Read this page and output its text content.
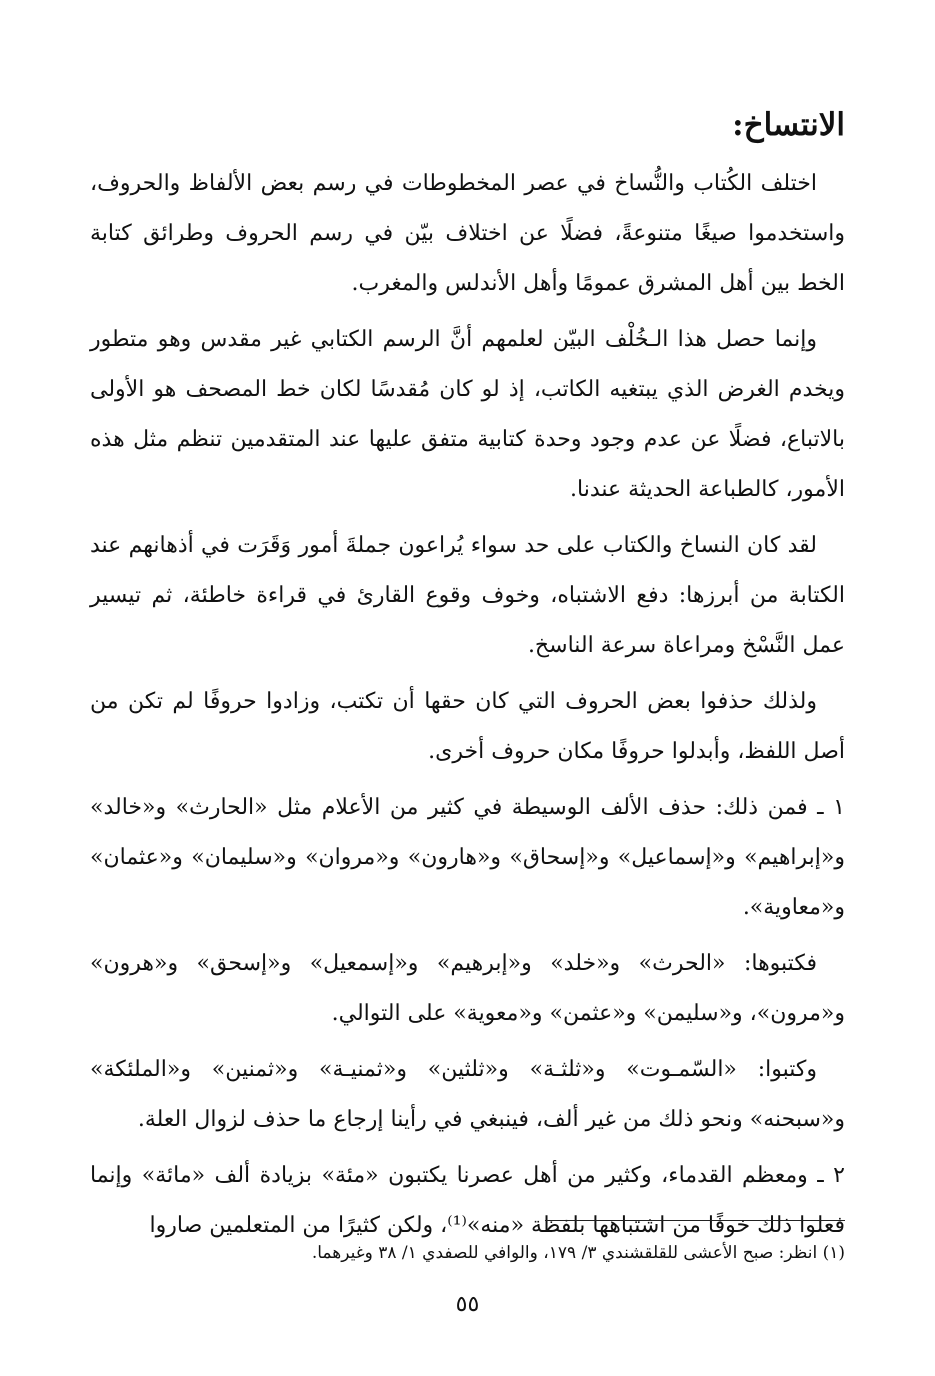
الانتساخ:

اختلف الكُتاب والنُّساخ في عصر المخطوطات في رسم بعض الألفاظ والحروف، واستخدموا صيغًا متنوعةً، فضلًا عن اختلاف بيّن في رسم الحروف وطرائق كتابة الخط بين أهل المشرق عمومًا وأهل الأندلس والمغرب.

وإنما حصل هذا الـخُلْف البيّن لعلمهم أنَّ الرسم الكتابي غير مقدس وهو متطور ويخدم الغرض الذي يبتغيه الكاتب، إذ لو كان مُقدسًا لكان خط المصحف هو الأولى بالاتباع، فضلًا عن عدم وجود وحدة كتابية متفق عليها عند المتقدمين تنظم مثل هذه الأمور، كالطباعة الحديثة عندنا.

لقد كان النساخ والكتاب على حد سواء يُراعون جملةَ أمور وَقَرَت في أذهانهم عند الكتابة من أبرزها: دفع الاشتباه، وخوف وقوع القارئ في قراءة خاطئة، ثم تيسير عمل النَّسْخ ومراعاة سرعة الناسخ.

ولذلك حذفوا بعض الحروف التي كان حقها أن تكتب، وزادوا حروفًا لم تكن من أصل اللفظ، وأبدلوا حروفًا مكان حروف أخرى.

١ ـ فمن ذلك: حذف الألف الوسيطة في كثير من الأعلام مثل «الحارث» و«خالد» و«إبراهيم» و«إسماعيل» و«إسحاق» و«هارون» و«مروان» و«سليمان» و«عثمان» و«معاوية».

فكتبوها: «الحرث» و«خلد» و«إبرهيم» و«إسمعيل» و«إسحق» و«هرون» و«مرون»، و«سليمن» و«عثمن» و«معوية» على التوالي.

وكتبوا: «السّمـوت» و«ثلثـة» و«ثلثين» و«ثمنيـة» و«ثمنين» و«الملئكة» و«سبحنه» ونحو ذلك من غير ألف، فينبغي في رأينا إرجاع ما حذف لزوال العلة.

٢ ـ ومعظم القدماء، وكثير من أهل عصرنا يكتبون «مئة» بزيادة ألف «مائة» وإنما فعلوا ذلك خوفًا من اشتباهها بلفظة «منه»⁽¹⁾، ولكن كثيرًا من المتعلمين صاروا

(١) انظر: صبح الأعشى للقلقشندي ٣/ ١٧٩، والوافي للصفدي ١/ ٣٨ وغيرهما.
٥٥
